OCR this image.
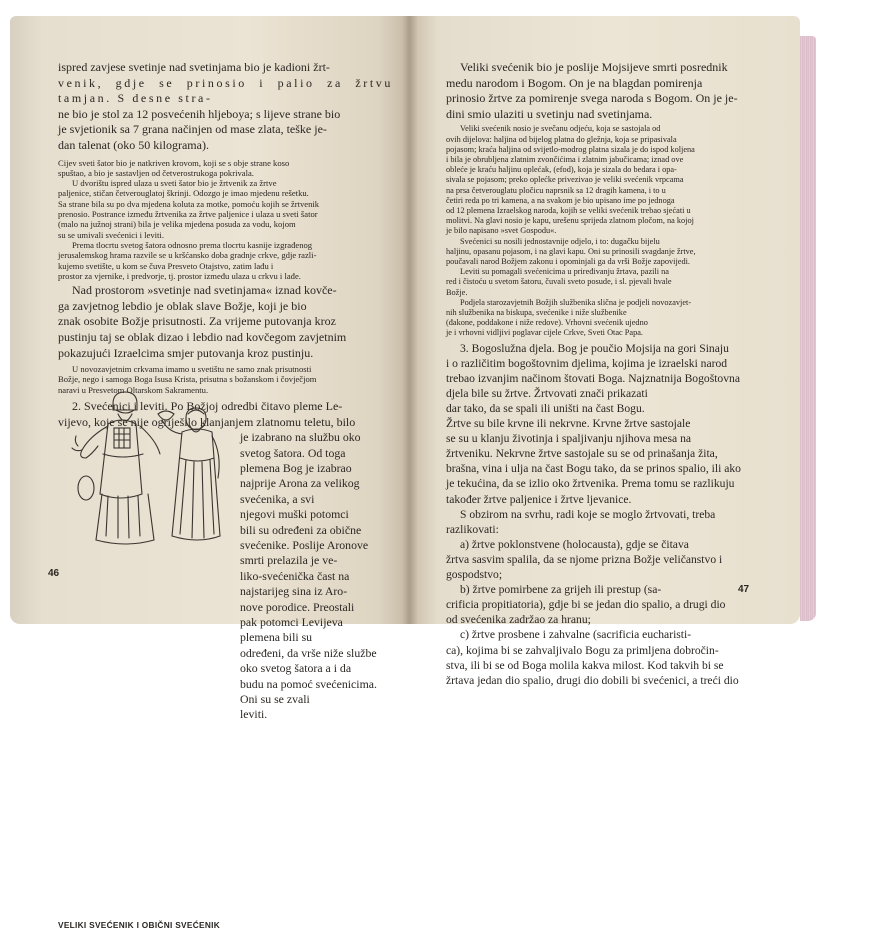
ispred zavjese svetinje nad svetinjama bio je kadioni žrt-
venik, gdje se prinosio i palio za žrtvu tamjan. S desne stra-
ne bio je stol za 12 posvećenih hljeboya; s lijeve strane bio
je svjetionik sa 7 grana načinjen od mase zlata, teške je-
dan talenat (oko 50 kilograma).
Cijev sveti šator bio je natkriven krovom, koji se s obje strane koso
spuštao, a bio je sastavljen od četverostrukoga pokrivala.
U dvorištu ispred ulaza u sveti šator bio je žrtvenik za žrtve
paljenice, stičan četverouglatoj škrinji. Odozgo je imao mjedenu rešetku.
Sa strane bila su po dva mjedena koluta za motke, pomoću kojih se žrtvenik
prenosio. Postrance između žrtvenika za žrtve paljenice i ulaza u sveti šator
(malo na južnoj strani) bila je velika mjedena posuda za vodu, kojom
su se umivali svećenici i leviti.
Prema tlocrtu svetog šatora odnosno prema tlocrtu kasnije izgrađenog
jerusalemskog hrama razvile se u kršćansko doba gradnje crkve, gdje razli-
kujemo svetište, u kom se čuva Presveto Otajstvo, zatim lađu i
prostor za vjernike, i predvorje, tj. prostor između ulaza u crkvu i lađe.
Nad prostorom »svetinje nad svetinjama« iznad kovče-
ga zavjetnog lebdio je oblak slave Božje, koji je bio
znak osobite Božje prisutnosti. Za vrijeme putovanja kroz
pustinju taj se oblak dizao i lebdio nad kovčegom zavjetnim
pokazujući Izraelcima smjer putovanja kroz pustinju.
U novozavjetnim crkvama imamo u svetištu ne samo znak prisutnosti
Božje, nego i samoga Boga Isusa Krista, prisutna s božanskom i čovječjom
naravi u Presvetom Oltarskom Sakramentu.
2. Svećenici i leviti. Po Božjoj odredbi čitavo pleme Le-
vijevo, koje se nije ogriješilo klanjanjem zlatnomu teletu, bilo
je izabrano na službu oko
svetog šatora. Od toga
plemena Bog je izabrao
najprije Arona za velikog
svećenika, a svi
njegovi muški potomci
bili su određeni za obične
svećenike. Poslije Aronove
smrti prelazila je ve-
liko-svećenička čast na
najstarijeg sina iz Aro-
nove porodice. Preostali
pak potomci Levijeva
plemena bili su
određeni, da vrše niže službe
oko svetog šatora a i da
budu na pomoć svećenicima.
Oni su se zvali
leviti.
VELIKI SVEĆENIK I OBIČNI SVEĆENIK
46
Veliki svećenik bio je poslije Mojsijeve smrti posrednik
medu narodom i Bogom. On je na blagdan pomirenja
prinosio žrtve za pomirenje svega naroda s Bogom. On je je-
dini smio ulaziti u svetinju nad svetinjama.
Veliki svećenik nosio je svečanu odjeću, koja se sastojala od
ovih dijelova: haljina od bijelog platna do gležnja, koja se pripasivala
pojasom; kraća haljina od svijetlo-modrog platna sizala je do ispod koljena
i bila je obrubljena zlatnim zvončićima i zlatnim jabučicama; iznad ove
obleće je kraću haljinu oplećak, (efod), koja je sizala do bedara i opa-
sivala se pojasom; preko oplećke privezivao je veliki svećenik vrpcama
na prsa četverouglatu pločicu naprsnik sa 12 dragih kamena, i to u
četiri reda po tri kamena, a na svakom je bio upisano ime po jednoga
od 12 plemena Izraelskog naroda, kojih se veliki svećenik trebao sjećati u
molitvi. Na glavi nosio je kapu, urešenu sprijeda zlatnom pločom, na kojoj
je bilo napisano »svet Gospodu«.
Svećenici su nosili jednostavnije odjelo, i to: dugačku bijelu
haljinu, opasanu pojasom, i na glavi kapu. Oni su prinosili svagdanje žrtve,
poučavali narod Božjem zakonu i opominjali ga da vrši Božje zapovijedi.
Leviti su pomagali svećenicima u priređivanju žrtava, pazili na
red i čistoću u svetom šatoru, čuvali sveto posude, i sl. pjevali hvale
Božje.
Podjela starozavjetnih Božjih službenika slična je podjeli novozavjet-
nih službenika na biskupa, svećenike i niže službenike
(đakone, poddakone i niže redove). Vrhovni svećenik ujedno
je i vrhovni vidljivi poglavar cijele Crkve, Sveti Otac Papa.
3. Bogoslužna djela. Bog je poučio Mojsija na gori Sinaju
i o različitim bogoštovnim djelima, kojima je izraelski narod
trebao izvanjim načinom štovati Boga. Najznatnija Bogoštovna
djela bile su žrtve. Žrtvovati znači prikazati
dar tako, da se spali ili uništi na čast Bogu.
Žrtve su bile krvne ili nekrvne. Krvne žrtve sastojale
se su u klanju životinja i spaljivanju njihova mesa na
žrtveniku. Nekrvne žrtve sastojale su se od prinašanja žita,
brašna, vina i ulja na čast Bogu tako, da se prinos spalio, ili ako
je tekućina, da se izlio oko žrtvenika. Prema tomu se razlikuju
također žrtve paljenice i žrtve ljevanice.
S obzirom na svrhu, radi koje se moglo žrtvovati, treba
razlikovati:
a) žrtve poklonstvene (holocausta), gdje se čitava
žrtva sasvim spalila, da se njome prizna Božje veličanstvo i
gospodstvo;
b) žrtve pomirbene za grijeh ili prestup (sa-
crificia propitiatoria), gdje bi se jedan dio spalio, a drugi dio
od svećenika zadržao za hranu;
c) žrtve prosbene i zahvalne (sacrificia eucharisti-
ca), kojima bi se zahvaljivalo Bogu za primljena dobročin-
stva, ili bi se od Boga molila kakva milost. Kod takvih bi se
žrtava jedan dio spalio, drugi dio dobili bi svećenici, a treći dio
47
